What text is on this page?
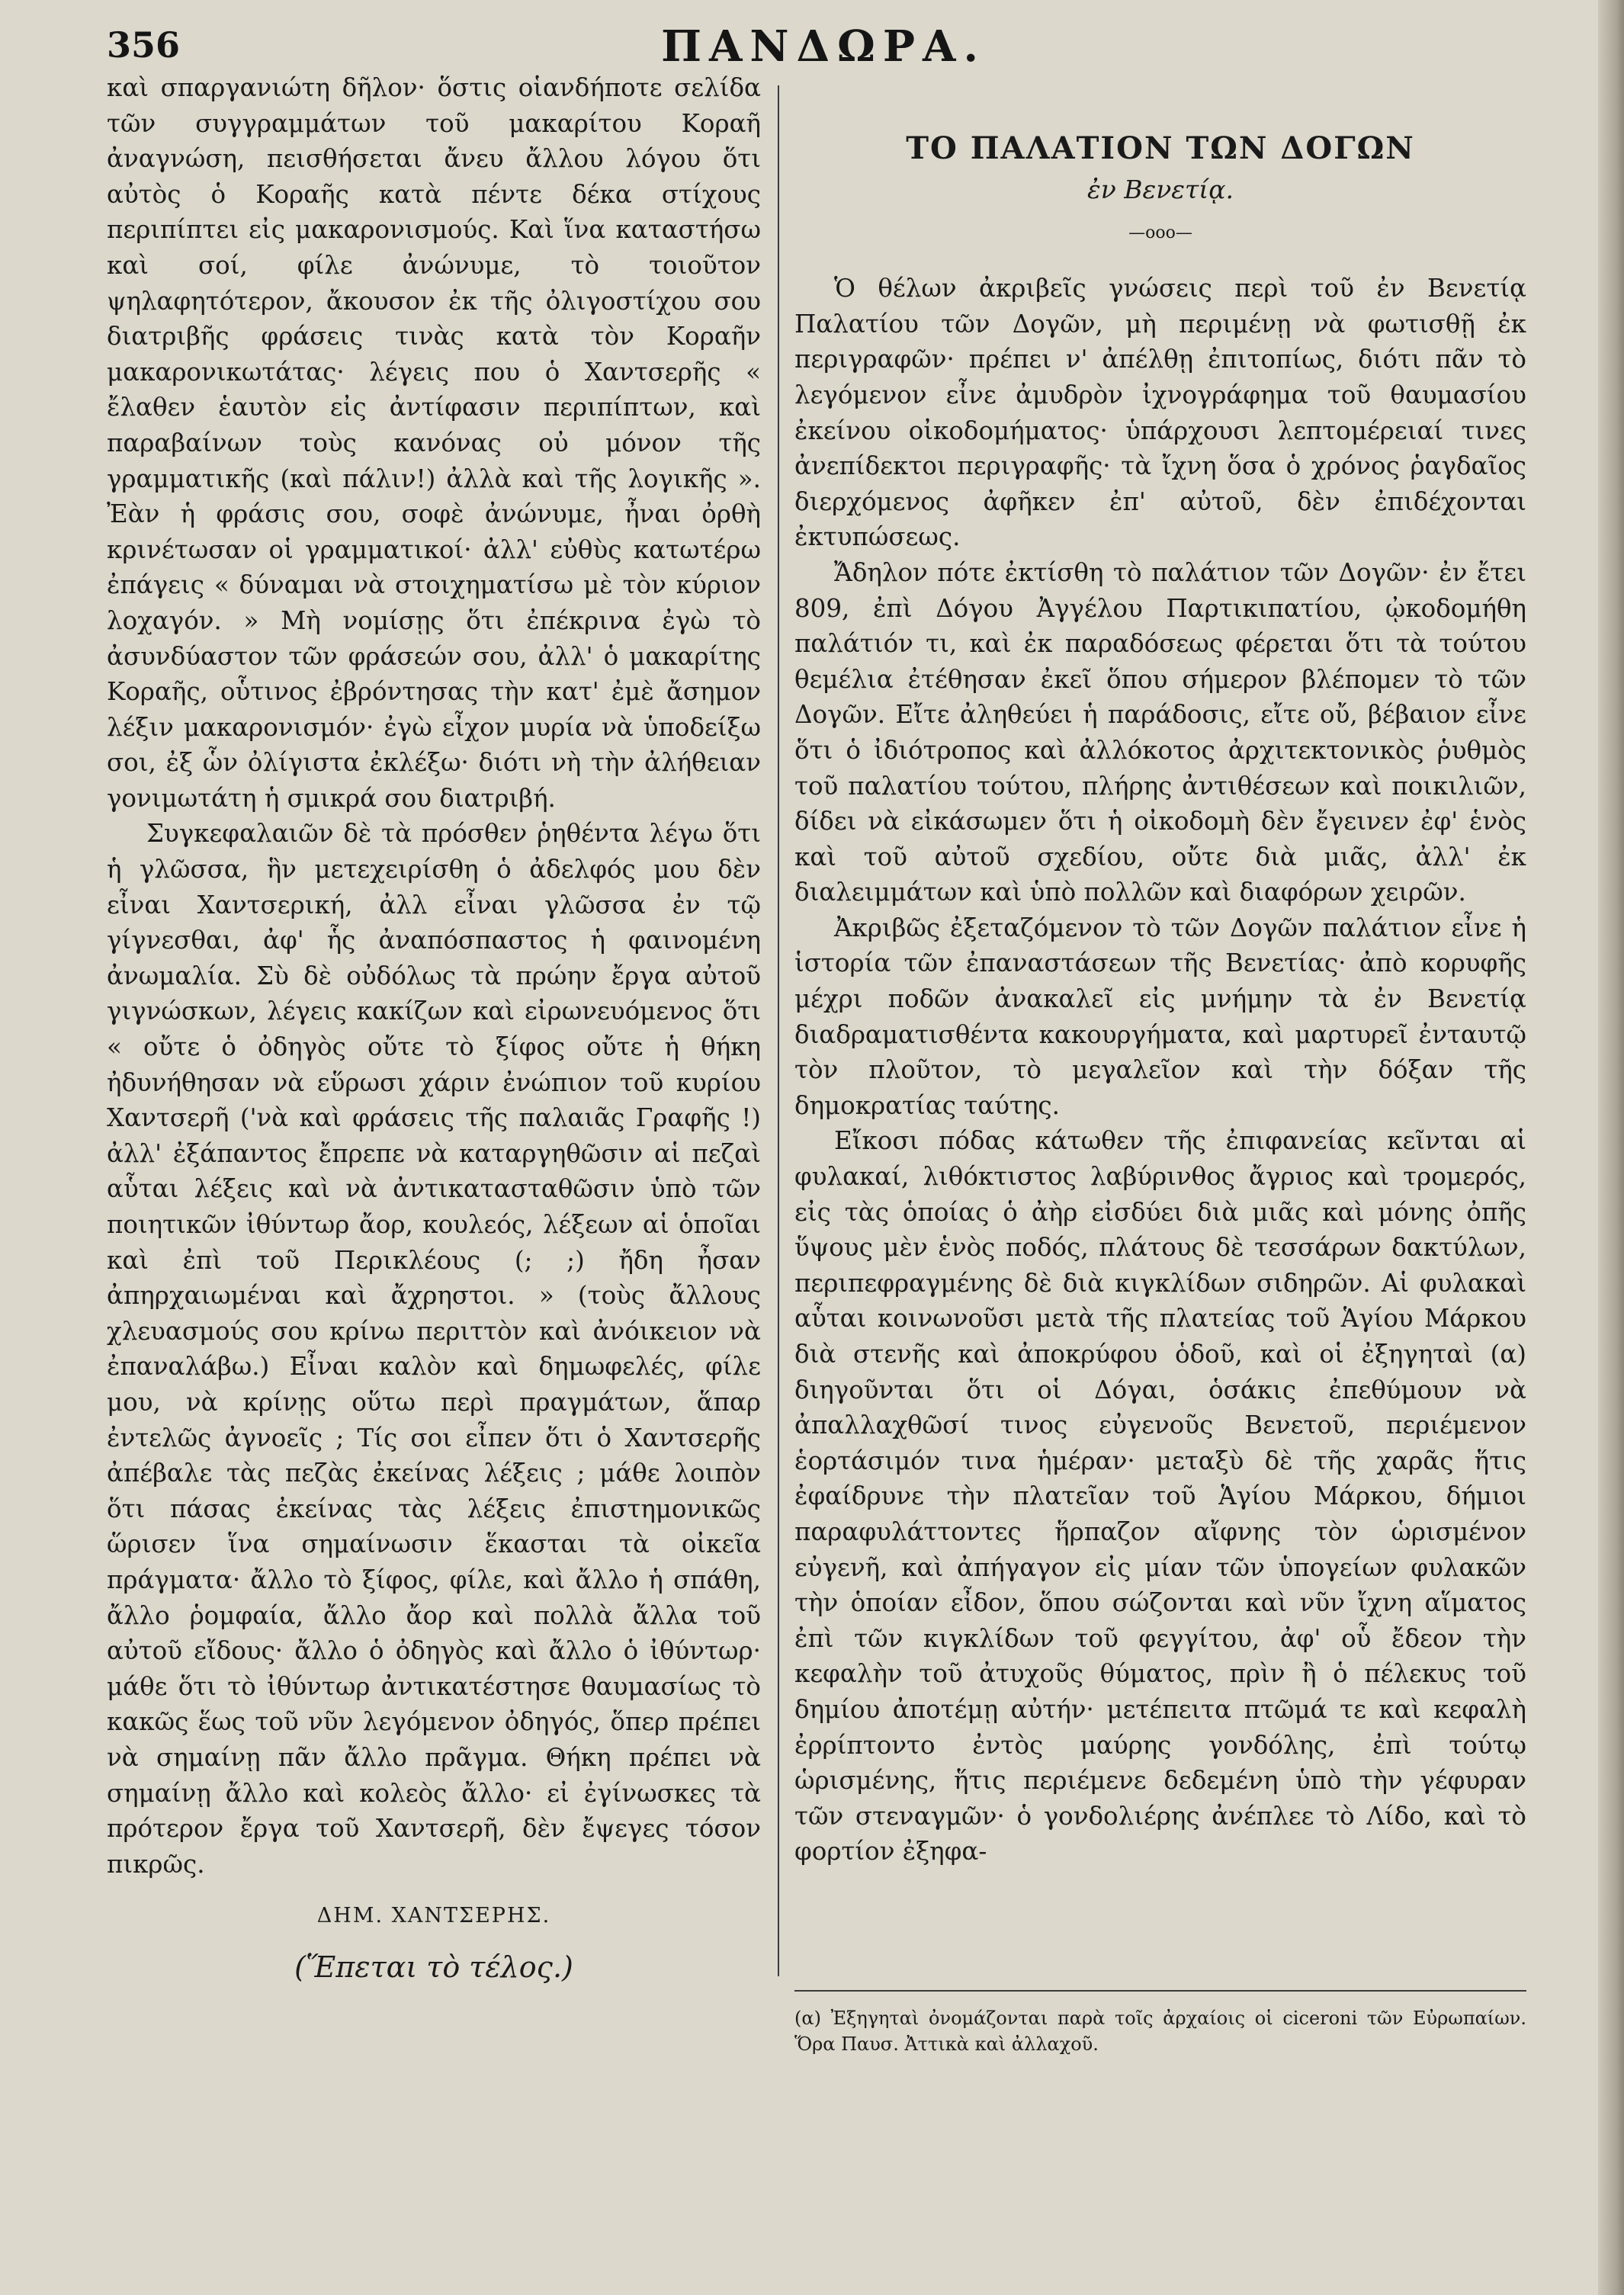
356	ΠΑΝΔΩΡΑ.

καὶ σπαργανιώτη δῆλον· ὅστις οἱανδήποτε σελίδα τῶν συγγραμμάτων τοῦ μακαρίτου Κοραῆ ἀναγνώση, πεισθήσεται ἄνευ ἄλλου λόγου ὅτι αὐτὸς ὁ Κοραῆς κατὰ πέντε δέκα στίχους περιπίπτει εἰς μακαρονισμούς. Καὶ ἵνα καταστήσω καὶ σοί, φίλε ἀνώνυμε, τὸ τοιοῦτον ψηλαφητότερον, ἄκουσον ἐκ τῆς ὀλιγοστίχου σου διατριβῆς φράσεις τινὰς κατὰ τὸν Κοραῆν μακαρονικωτάτας· λέγεις που ὁ Χαντσερῆς « ἔλαθεν ἑαυτὸν εἰς ἀντίφασιν περιπίπτων, καὶ παραβαίνων τοὺς κανόνας οὐ μόνον τῆς γραμματικῆς (καὶ πάλιν!) ἀλλὰ καὶ τῆς λογικῆς ». Ἐὰν ἡ φράσις σου, σοφὲ ἀνώνυμε, ἦναι ὀρθὴ κρινέτωσαν οἱ γραμματικοί· ἀλλ' εὐθὺς κατωτέρω ἐπάγεις « δύναμαι νὰ στοιχηματίσω μὲ τὸν κύριον λοχαγόν. » Μὴ νομίσῃς ὅτι ἐπέκρινα ἐγὼ τὸ ἀσυνδύαστον τῶν φράσεών σου, ἀλλ' ὁ μακαρίτης Κοραῆς, οὗτινος ἐβρόντησας τὴν κατ' ἐμὲ ἄσημον λέξιν μακαρονισμόν· ἐγὼ εἶχον μυρία νὰ ὑποδείξω σοι, ἐξ ὧν ὀλίγιστα ἐκλέξω· διότι νὴ τὴν ἀλήθειαν γονιμωτάτη ἡ σμικρά σου διατριβή.

Συγκεφαλαιῶν δὲ τὰ πρόσθεν ῥηθέντα λέγω ὅτι ἡ γλῶσσα, ἣν μετεχειρίσθη ὁ ἀδελφός μου δὲν εἶναι Χαντσερική, ἀλλ εἶναι γλῶσσα ἐν τῷ γίγνεσθαι, ἀφ' ἧς ἀναπόσπαστος ἡ φαινομένη ἀνωμαλία. Σὺ δὲ οὐδόλως τὰ πρώην ἔργα αὐτοῦ γιγνώσκων, λέγεις κακίζων καὶ εἰρωνευόμενος ὅτι « οὔτε ὁ ὀδηγὸς οὔτε τὸ ξίφος οὔτε ἡ θήκη ἠδυνήθησαν νὰ εὕρωσι χάριν ἐνώπιον τοῦ κυρίου Χαντσερῆ ('νὰ καὶ φράσεις τῆς παλαιᾶς Γραφῆς !) ἀλλ' ἐξάπαντος ἔπρεπε νὰ καταργηθῶσιν αἱ πεζαὶ αὗται λέξεις καὶ νὰ ἀντικατασταθῶσιν ὑπὸ τῶν ποιητικῶν ἰθύντωρ ἄορ, κουλεός, λέξεων αἱ ὁποῖαι καὶ ἐπὶ τοῦ Περικλέους (; ;) ἤδη ἦσαν ἀπηρχαιωμέναι καὶ ἄχρηστοι. » (τοὺς ἄλλους χλευασμούς σου κρίνω περιττὸν καὶ ἀνόικειον νὰ ἐπαναλάβω.) Εἶναι καλὸν καὶ δημωφελές, φίλε μου, νὰ κρίνῃς οὕτω περὶ πραγμάτων, ἅπαρ ἐντελῶς ἀγνοεῖς ; Τίς σοι εἶπεν ὅτι ὁ Χαντσερῆς ἀπέβαλε τὰς πεζὰς ἐκείνας λέξεις ; μάθε λοιπὸν ὅτι πάσας ἐκείνας τὰς λέξεις ἐπιστημονικῶς ὥρισεν ἵνα σημαίνωσιν ἕκασται τὰ οἰκεῖα πράγματα· ἄλλο τὸ ξίφος, φίλε, καὶ ἄλλο ἡ σπάθη, ἄλλο ῥομφαία, ἄλλο ἄορ καὶ πολλὰ ἄλλα τοῦ αὐτοῦ εἴδους· ἄλλο ὁ ὀδηγὸς καὶ ἄλλο ὁ ἰθύντωρ· μάθε ὅτι τὸ ἰθύντωρ ἀντικατέστησε θαυμασίως τὸ κακῶς ἕως τοῦ νῦν λεγόμενον ὀδηγός, ὅπερ πρέπει νὰ σημαίνῃ πᾶν ἄλλο πρᾶγμα. Θήκη πρέπει νὰ σημαίνῃ ἄλλο καὶ κολεὸς ἄλλο· εἰ ἐγίνωσκες τὰ πρότερον ἔργα τοῦ Χαντσερῆ, δὲν ἔψεγες τόσον πικρῶς.

ΔΗΜ. ΧΑΝΤΣΕΡΗΣ.

(Ἕπεται τὸ τέλος.)

ΤΟ ΠΑΛΑΤΙΟΝ ΤΩΝ ΔΟΓΩΝ

ἐν Βενετίᾳ.

—ooo—

Ὁ θέλων ἀκριβεῖς γνώσεις περὶ τοῦ ἐν Βενετίᾳ Παλατίου τῶν Δογῶν, μὴ περιμένῃ νὰ φωτισθῇ ἐκ περιγραφῶν· πρέπει ν' ἀπέλθῃ ἐπιτοπίως, διότι πᾶν τὸ λεγόμενον εἶνε ἀμυδρὸν ἰχνογράφημα τοῦ θαυμασίου ἐκείνου οἰκοδομήματος· ὑπάρχουσι λεπτομέρειαί τινες ἀνεπίδεκτοι περιγραφῆς· τὰ ἴχνη ὅσα ὁ χρόνος ῥαγδαῖος διερχόμενος ἀφῆκεν ἐπ' αὐτοῦ, δὲν ἐπιδέχονται ἐκτυπώσεως.

Ἄδηλον πότε ἐκτίσθη τὸ παλάτιον τῶν Δογῶν· ἐν ἔτει 809, ἐπὶ Δόγου Ἀγγέλου Παρτικιπατίου, ᾠκοδομήθη παλάτιόν τι, καὶ ἐκ παραδόσεως φέρεται ὅτι τὰ τούτου θεμέλια ἐτέθησαν ἐκεῖ ὅπου σήμερον βλέπομεν τὸ τῶν Δογῶν. Εἴτε ἀληθεύει ἡ παράδοσις, εἴτε οὔ, βέβαιον εἶνε ὅτι ὁ ἰδιότροπος καὶ ἀλλόκοτος ἀρχιτεκτονικὸς ῥυθμὸς τοῦ παλατίου τούτου, πλήρης ἀντιθέσεων καὶ ποικιλιῶν, δίδει νὰ εἰκάσωμεν ὅτι ἡ οἰκοδομὴ δὲν ἔγεινεν ἐφ' ἑνὸς καὶ τοῦ αὐτοῦ σχεδίου, οὔτε διὰ μιᾶς, ἀλλ' ἐκ διαλειμμάτων καὶ ὑπὸ πολλῶν καὶ διαφόρων χειρῶν.

Ἀκριβῶς ἐξεταζόμενον τὸ τῶν Δογῶν παλάτιον εἶνε ἡ ἱστορία τῶν ἐπαναστάσεων τῆς Βενετίας· ἀπὸ κορυφῆς μέχρι ποδῶν ἀνακαλεῖ εἰς μνήμην τὰ ἐν Βενετίᾳ διαδραματισθέντα κακουργήματα, καὶ μαρτυρεῖ ἐνταυτῷ τὸν πλοῦτον, τὸ μεγαλεῖον καὶ τὴν δόξαν τῆς δημοκρατίας ταύτης.

Εἴκοσι πόδας κάτωθεν τῆς ἐπιφανείας κεῖνται αἱ φυλακαί, λιθόκτιστος λαβύρινθος ἄγριος καὶ τρομερός, εἰς τὰς ὁποίας ὁ ἀὴρ εἰσδύει διὰ μιᾶς καὶ μόνης ὀπῆς ὕψους μὲν ἑνὸς ποδός, πλάτους δὲ τεσσάρων δακτύλων, περιπεφραγμένης δὲ διὰ κιγκλίδων σιδηρῶν. Αἱ φυλακαὶ αὗται κοινωνοῦσι μετὰ τῆς πλατείας τοῦ Ἁγίου Μάρκου διὰ στενῆς καὶ ἀποκρύφου ὁδοῦ, καὶ οἱ ἐξηγηταὶ (α) διηγοῦνται ὅτι οἱ Δόγαι, ὁσάκις ἐπεθύμουν νὰ ἀπαλλαχθῶσί τινος εὐγενοῦς Βενετοῦ, περιέμενον ἑορτάσιμόν τινα ἡμέραν· μεταξὺ δὲ τῆς χαρᾶς ἥτις ἐφαίδρυνε τὴν πλατεῖαν τοῦ Ἁγίου Μάρκου, δήμιοι παραφυλάττοντες ἥρπαζον αἴφνης τὸν ὡρισμένον εὐγενῆ, καὶ ἀπήγαγον εἰς μίαν τῶν ὑπογείων φυλακῶν τὴν ὁποίαν εἶδον, ὅπου σώζονται καὶ νῦν ἴχνη αἵματος ἐπὶ τῶν κιγκλίδων τοῦ φεγγίτου, ἀφ' οὗ ἔδεον τὴν κεφαλὴν τοῦ ἀτυχοῦς θύματος, πρὶν ἢ ὁ πέλεκυς τοῦ δημίου ἀποτέμῃ αὐτήν· μετέπειτα πτῶμά τε καὶ κεφαλὴ ἐρρίπτοντο ἐντὸς μαύρης γονδόλης, ἐπὶ τούτῳ ὡρισμένης, ἥτις περιέμενε δεδεμένη ὑπὸ τὴν γέφυραν τῶν στεναγμῶν· ὁ γονδολιέρης ἀνέπλεε τὸ Λίδο, καὶ τὸ φορτίον ἐξηφα-

(α) Ἐξηγηταὶ ὀνομάζονται παρὰ τοῖς ἀρχαίοις οἱ ciceroni τῶν Εὐρωπαίων. Ὅρα Παυσ. Ἀττικὰ καὶ ἀλλαχοῦ.
